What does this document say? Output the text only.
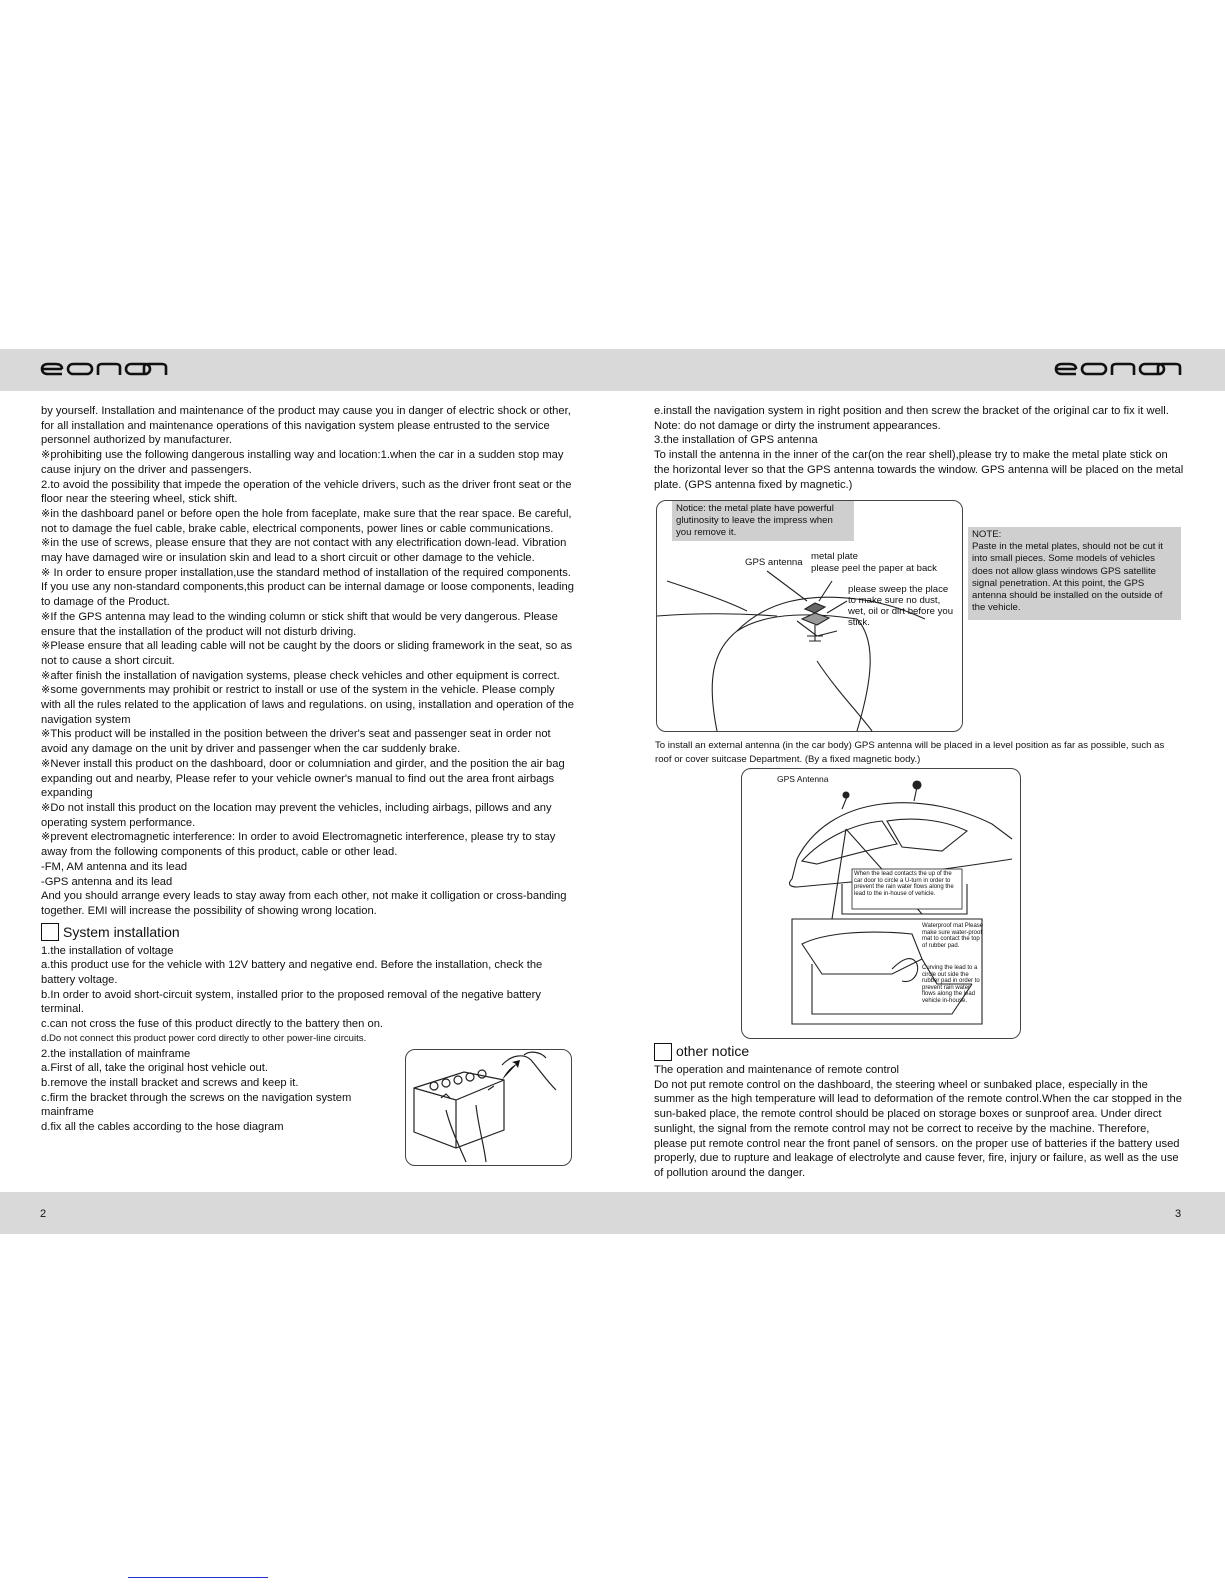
2	3

by yourself. Installation and maintenance of the product may cause you in danger of electric shock or other, for all installation and maintenance operations of this navigation system please entrusted to the service personnel authorized by manufacturer.

※prohibiting use the following dangerous installing way and location:1.when the car in a sudden stop may cause injury on the driver and passengers.

2.to avoid the possibility that impede the operation of the vehicle drivers, such as the driver front seat or the floor near the steering wheel, stick shift.

※in the dashboard panel or before open the hole from faceplate, make sure that the rear space. Be careful, not to damage the fuel cable, brake cable, electrical components, power lines or cable communications.

※in the use of screws, please ensure that they are not contact with any electrification down-lead. Vibration may have damaged wire or insulation skin and lead to a short circuit or other damage to the vehicle.

※ In order to ensure proper installation,use the standard method of installation of the required components. If you use any non-standard components,this product can be internal damage or loose components, leading to damage of the Product.

※If the GPS antenna may lead to the winding column or stick shift that would be very dangerous. Please ensure that the installation of the product will not disturb driving.

※Please ensure that all leading cable will not be caught by the doors or sliding framework in the seat, so as not to cause a short circuit.

※after finish the installation of navigation systems, please check vehicles and other equipment is correct.

※some governments may prohibit or restrict to install or use of the system in the vehicle. Please comply with all the rules related to the application of laws and regulations. on using, installation and operation of the navigation system

※This product will be installed in the position between the driver's seat and passenger seat in order not avoid any damage on the unit by driver and passenger when the car suddenly brake.

※Never install this product on the dashboard, door or columniation and girder, and the position the air bag expanding out and nearby, Please refer to your vehicle owner's manual to find out the area front airbags expanding

※Do not install this product on the location may prevent the vehicles, including airbags, pillows and any operating system performance.

※prevent electromagnetic interference: In order to avoid Electromagnetic interference, please try to stay away from the following components of this product, cable or other lead.

-FM, AM antenna and its lead

-GPS antenna and its lead

And you should arrange every leads to stay away from each other, not make it colligation or cross-banding together. EMI will increase the possibility of showing wrong location.

System installation

1.the installation of voltage

a.this product use for the vehicle with 12V battery and negative end. Before the installation, check the battery voltage.

b.In order to avoid short-circuit system, installed prior to the proposed removal of the negative battery terminal.

c.can not cross the fuse of this product directly to the battery then on.

d.Do not connect this product power cord directly to other power-line circuits.

2.the installation of mainframe

a.First of all, take the original host vehicle out.

b.remove the install bracket and screws and keep it.

c.firm the bracket through the screws on the navigation system mainframe

d.fix all the cables according to the hose diagram

e.install the navigation system in right position and then screw the bracket of the original car to fix it well. Note: do not damage or dirty the instrument appearances.

3.the installation of GPS antenna

To install the antenna in the inner of the car(on the rear shell),please try to make the metal plate stick on the horizontal lever so that the GPS antenna towards the window. GPS antenna will be placed on the metal plate. (GPS antenna fixed by magnetic.)

Notice: the metal plate have powerful glutinosity to leave the impress when you remove it.
GPS antenna
metal plate
please peel the paper at back
please sweep the place to make sure no dust, wet, oil or dirt before you stick.
NOTE:
Paste in the metal plates, should not be cut it into small pieces. Some models of vehicles does not allow glass windows GPS satellite signal penetration. At this point, the GPS antenna should be installed on the outside of the vehicle.
To install an external antenna (in the car body) GPS antenna will be placed in a level position as far as possible, such as roof or cover suitcase Department. (By a fixed magnetic body.)
GPS Antenna
When the lead contacts the up of the car door to circle a U-turn in order to prevent the rain water flows along the lead to the in-house of vehicle.
Waterproof mat Please make sure water-proof mat to contact the top of rubber pad.
Curving the lead to a circle out side the rubber pad in order to prevent rain water flows along the lead vehicle in-house.
other notice

The operation and maintenance of remote control

Do not put remote control on the dashboard, the steering wheel or sunbaked place, especially in the summer as the high temperature will lead to deformation of the remote control.When the car stopped in the sun-baked place, the remote control should be placed on storage boxes or sunproof area. Under direct sunlight, the signal from the remote control may not be correct to receive by the machine. Therefore, please put remote control near the front panel of sensors. on the proper use of batteries if the battery used properly, due to rupture and leakage of electrolyte and cause fever, fire, injury or failure, as well as the use of pollution around the danger.
